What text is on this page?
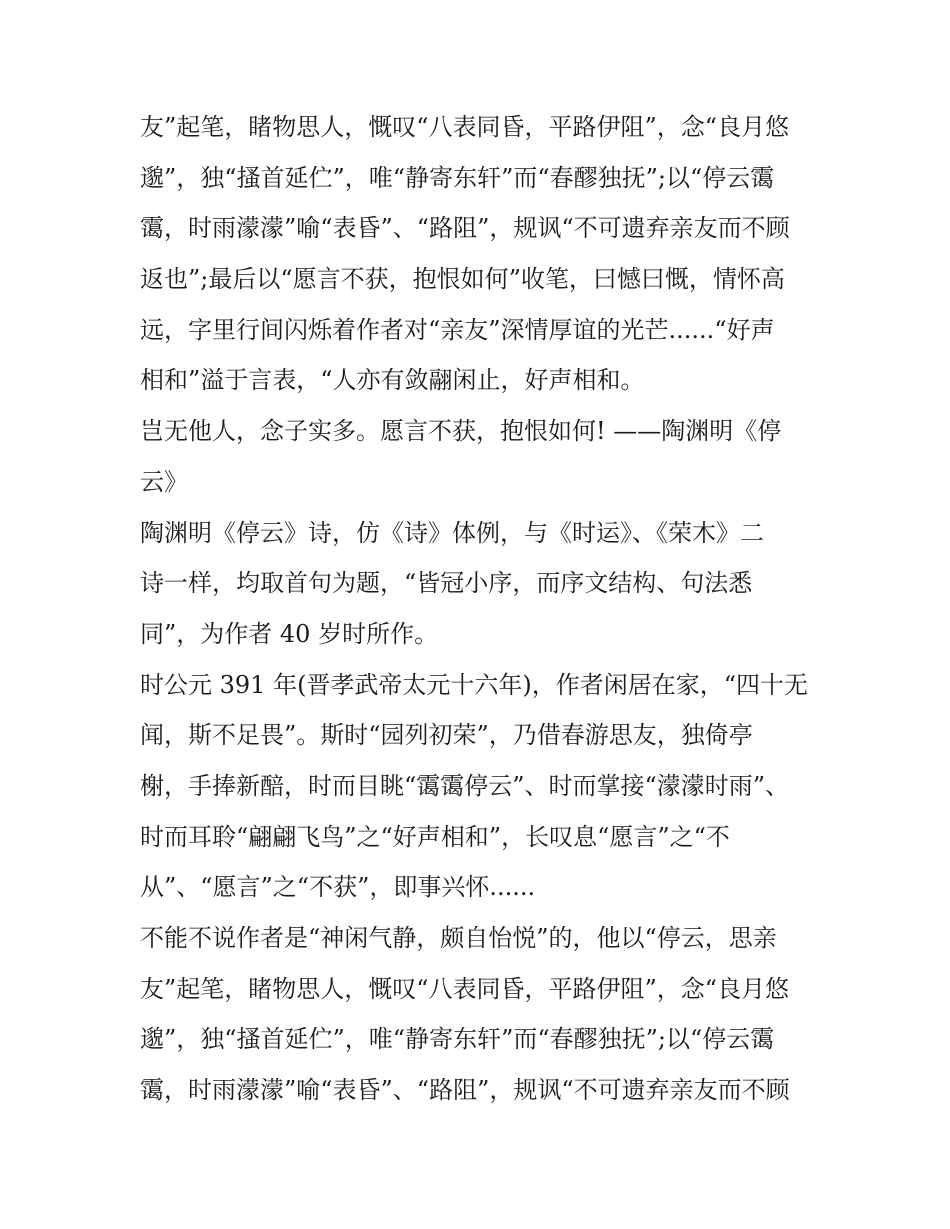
友”起笔，睹物思人，慨叹“八表同昏，平路伊阻”，念“良月悠
邈”，独“搔首延伫”，唯“静寄东轩”而“春醪独抚”;以“停云霭
霭，时雨濛濛”喻“表昏”、“路阻”，规讽“不可遗弃亲友而不顾
返也”;最后以“愿言不获，抱恨如何”收笔，曰憾曰慨，情怀高
远，字里行间闪烁着作者对“亲友”深情厚谊的光芒......“好声
相和”溢于言表，“人亦有敛翮闲止，好声相和。
岂无他人，念子实多。愿言不获，抱恨如何! ——陶渊明《停
云》
陶渊明《停云》诗，仿《诗》体例，与《时运》、《荣木》二
诗一样，均取首句为题，“皆冠小序，而序文结构、句法悉
同”，为作者 40 岁时所作。
时公元 391 年(晋孝武帝太元十六年)，作者闲居在家，“四十无
闻，斯不足畏”。斯时“园列初荣”，乃借春游思友，独倚亭
榭，手捧新醅，时而目眺“霭霭停云”、时而掌接“濛濛时雨”、
时而耳聆“翩翩飞鸟”之“好声相和”，长叹息“愿言”之“不
从”、“愿言”之“不获”，即事兴怀......
不能不说作者是“神闲气静，颇自怡悦”的，他以“停云，思亲
友”起笔，睹物思人，慨叹“八表同昏，平路伊阻”，念“良月悠
邈”，独“搔首延伫”，唯“静寄东轩”而“春醪独抚”;以“停云霭
霭，时雨濛濛”喻“表昏”、“路阻”，规讽“不可遗弃亲友而不顾
